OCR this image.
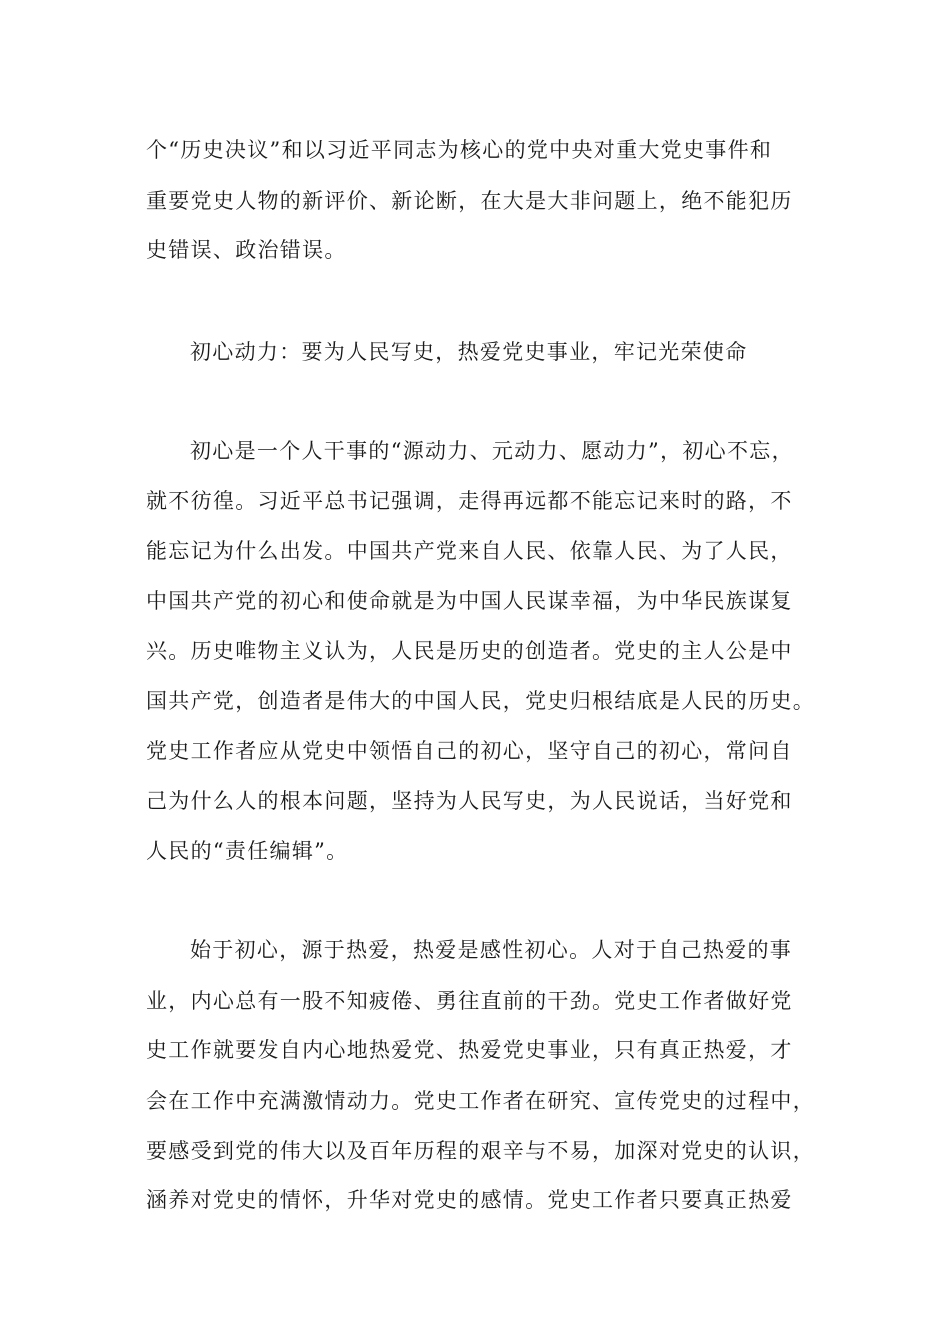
个“历史决议”和以习近平同志为核心的党中央对重大党史事件和
重要党史人物的新评价、新论断，在大是大非问题上，绝不能犯历
史错误、政治错误。
初心动力：要为人民写史，热爱党史事业，牢记光荣使命
初心是一个人干事的“源动力、元动力、愿动力”，初心不忘，
就不彷徨。习近平总书记强调，走得再远都不能忘记来时的路，不
能忘记为什么出发。中国共产党来自人民、依靠人民、为了人民，
中国共产党的初心和使命就是为中国人民谋幸福，为中华民族谋复
兴。历史唯物主义认为，人民是历史的创造者。党史的主人公是中
国共产党，创造者是伟大的中国人民，党史归根结底是人民的历史。
党史工作者应从党史中领悟自己的初心，坚守自己的初心，常问自
己为什么人的根本问题，坚持为人民写史，为人民说话，当好党和
人民的“责任编辑”。
始于初心，源于热爱，热爱是感性初心。人对于自己热爱的事
业，内心总有一股不知疲倦、勇往直前的干劲。党史工作者做好党
史工作就要发自内心地热爱党、热爱党史事业，只有真正热爱，才
会在工作中充满激情动力。党史工作者在研究、宣传党史的过程中，
要感受到党的伟大以及百年历程的艰辛与不易，加深对党史的认识，
涵养对党史的情怀，升华对党史的感情。党史工作者只要真正热爱
